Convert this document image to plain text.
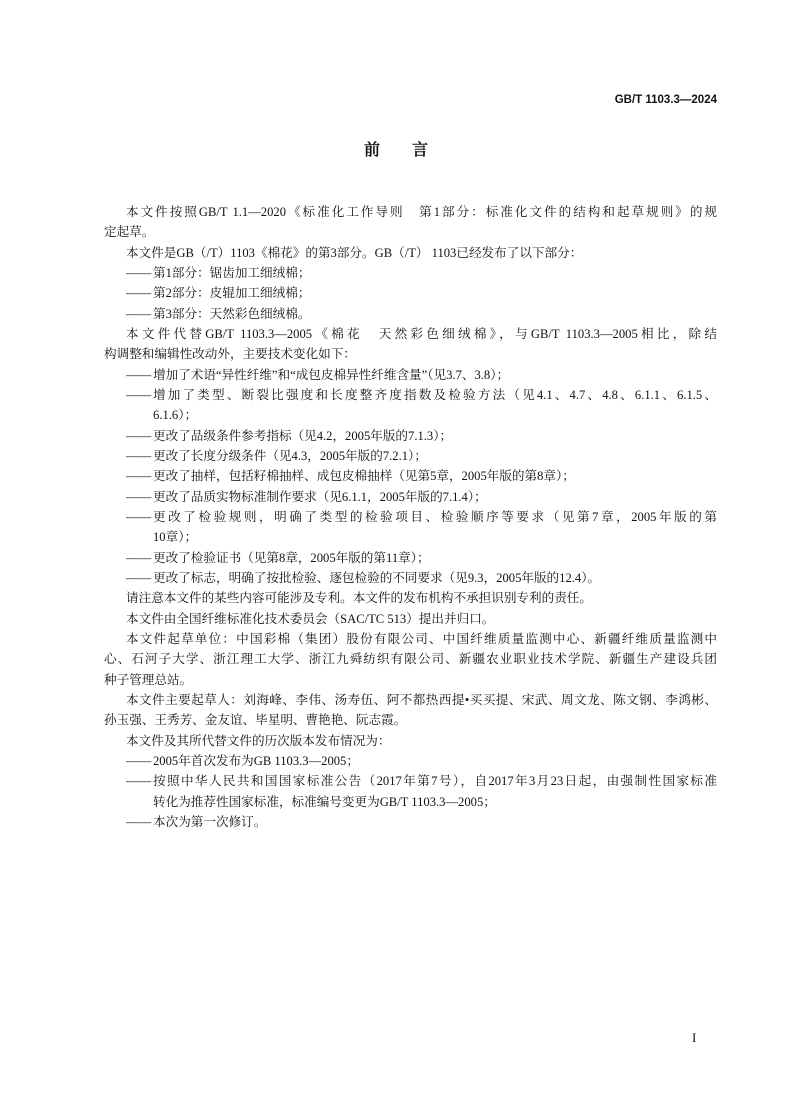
GB/T 1103.3—2024
前　　言
本文件按照GB/T 1.1—2020《标准化工作导则　第1部分：标准化文件的结构和起草规则》的规
定起草。
本文件是GB（/T）1103《棉花》的第3部分。GB（/T） 1103已经发布了以下部分：
—— 第1部分：锯齿加工细绒棉；
—— 第2部分：皮辊加工细绒棉；
—— 第3部分：天然彩色细绒棉。
本文件代替GB/T 1103.3—2005《棉花　天然彩色细绒棉》，与GB/T 1103.3—2005相比，除结
构调整和编辑性改动外，主要技术变化如下：
—— 增加了术语“异性纤维”和“成包皮棉异性纤维含量”（见3.7、3.8）；
—— 增加了类型、断裂比强度和长度整齐度指数及检验方法（见4.1、4.7、4.8、6.1.1、6.1.5、
6.1.6）；
—— 更改了品级条件参考指标（见4.2，2005年版的7.1.3）；
—— 更改了长度分级条件（见4.3，2005年版的7.2.1）；
—— 更改了抽样，包括籽棉抽样、成包皮棉抽样（见第5章，2005年版的第8章）；
—— 更改了品质实物标准制作要求（见6.1.1，2005年版的7.1.4）；
—— 更改了检验规则，明确了类型的检验项目、检验顺序等要求（见第7章，2005年版的第
10章）；
—— 更改了检验证书（见第8章，2005年版的第11章）；
—— 更改了标志，明确了按批检验、逐包检验的不同要求（见9.3，2005年版的12.4）。
请注意本文件的某些内容可能涉及专利。本文件的发布机构不承担识别专利的责任。
本文件由全国纤维标准化技术委员会（SAC/TC 513）提出并归口。
本文件起草单位：中国彩棉（集团）股份有限公司、中国纤维质量监测中心、新疆纤维质量监测中
心、石河子大学、浙江理工大学、浙江九舜纺织有限公司、新疆农业职业技术学院、新疆生产建设兵团
种子管理总站。
本文件主要起草人：刘海峰、李伟、汤寿伍、阿不都热西提•买买提、宋武、周文龙、陈文钢、李鸿彬、
孙玉强、王秀芳、金友谊、毕星明、曹艳艳、阮志霞。
本文件及其所代替文件的历次版本发布情况为：
—— 2005年首次发布为GB 1103.3—2005；
—— 按照中华人民共和国国家标准公告（2017年第7号），自2017年3月23日起，由强制性国家标准
转化为推荐性国家标准，标准编号变更为GB/T 1103.3—2005；
—— 本次为第一次修订。
I
